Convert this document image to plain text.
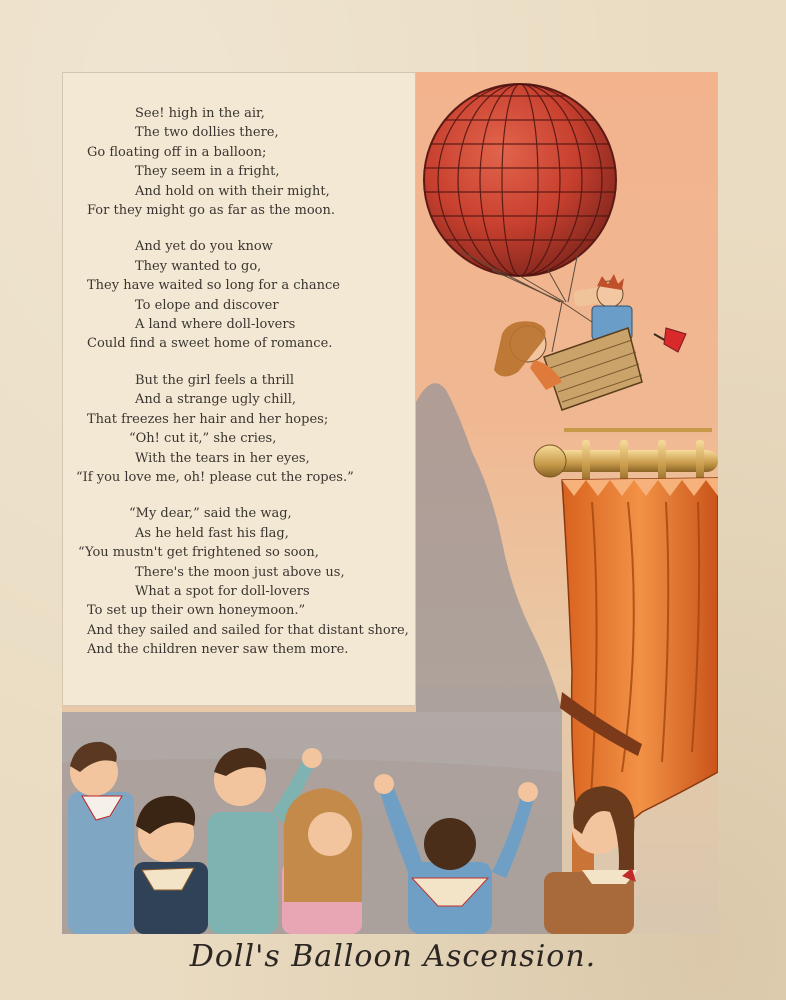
See! high in the air,
The two dollies there,
Go floating off in a balloon;
They seem in a fright,
And hold on with their might,
For they might go as far as the moon.
And yet do you know
They wanted to go,
They have waited so long for a chance
To elope and discover
A land where doll-lovers
Could find a sweet home of romance.
But the girl feels a thrill
And a strange ugly chill,
That freezes her hair and her hopes;
“Oh! cut it,” she cries,
With the tears in her eyes,
“If you love me, oh! please cut the ropes.”
“My dear,” said the wag,
As he held fast his flag,
“You mustn't get frightened so soon,
There's the moon just above us,
What a spot for doll-lovers
To set up their own honeymoon.”
And they sailed and sailed for that distant shore,
And the children never saw them more.
Doll's Balloon Ascension.
